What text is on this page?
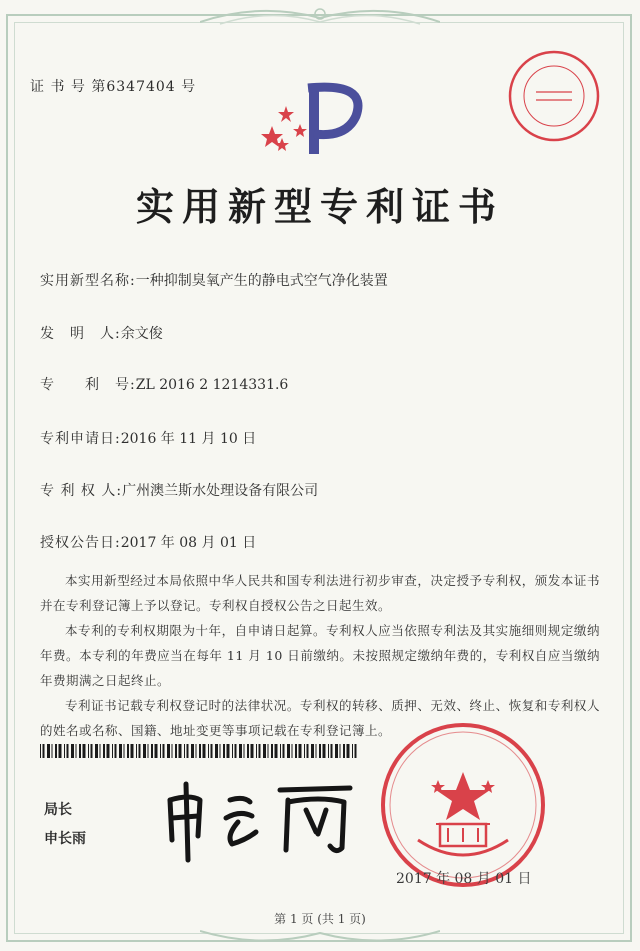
证 书 号 第6347404 号
实用新型专利证书
实用新型名称:一种抑制臭氧产生的静电式空气净化装置
发　明　人:余文俊
专　　利　号:ZL 2016 2 1214331.6
专利申请日:2016 年 11 月 10 日
专 利 权 人:广州澳兰斯水处理设备有限公司
授权公告日:2017 年 08 月 01 日

本实用新型经过本局依照中华人民共和国专利法进行初步审查，决定授予专利权，颁发本证书并在专利登记簿上予以登记。专利权自授权公告之日起生效。

本专利的专利权期限为十年，自申请日起算。专利权人应当依照专利法及其实施细则规定缴纳年费。本专利的年费应当在每年 11 月 10 日前缴纳。未按照规定缴纳年费的，专利权自应当缴纳年费期满之日起终止。

专利证书记载专利权登记时的法律状况。专利权的转移、质押、无效、终止、恢复和专利权人的姓名或名称、国籍、地址变更等事项记载在专利登记簿上。

局长
申长雨
2017 年 08 月 01 日
第 1 页 (共 1 页)
